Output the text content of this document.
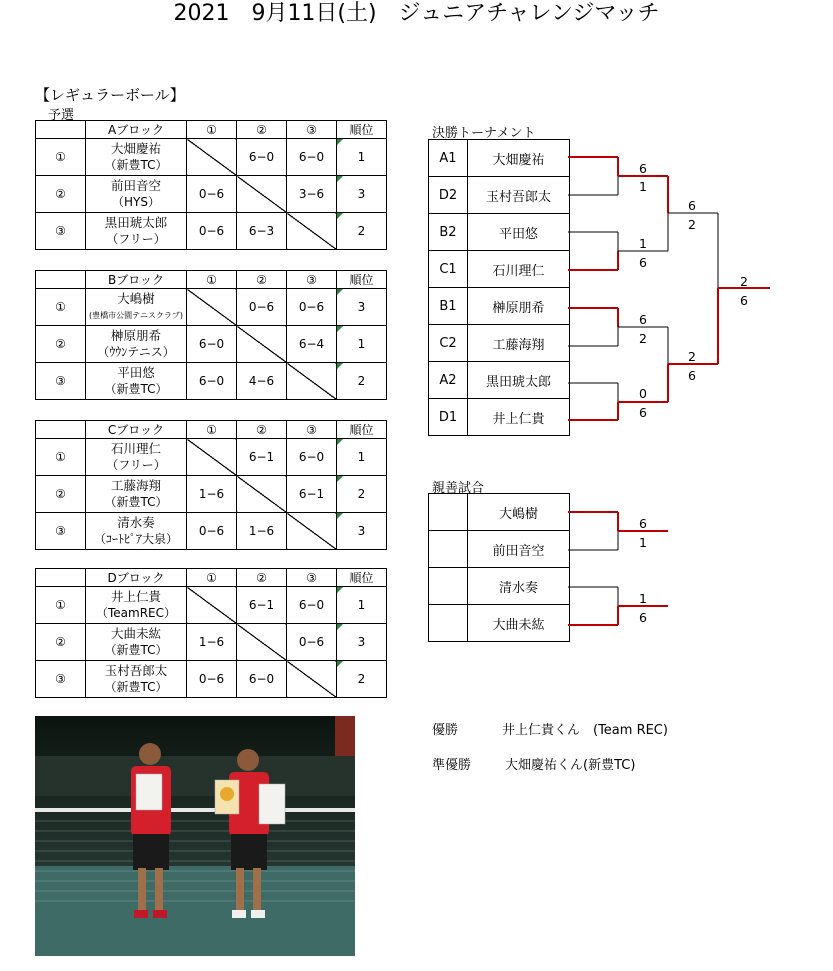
2021　9月11日(土)　ジュニアチャレンジマッチ
【レギュラーボール】
予選
	Aブロック	①	②	③	順位
①	大畑慶祐
（新豊TC）		6−0	6−0	1
②	前田音空
（HYS）	0−6		3−6	3
③	黒田琥太郎
（フリー）	0−6	6−3		2
	Bブロック	①	②	③	順位
①	大嶋樹
(豊橋市公園テニスクラブ)		0−6	0−6	3
②	榊原朋希
（ｳｳﾝテニス）	6−0		6−4	1
③	平田悠
（新豊TC）	6−0	4−6		2
	Cブロック	①	②	③	順位
①	石川理仁
（フリー）		6−1	6−0	1
②	工藤海翔
（新豊TC）	1−6		6−1	2
③	清水奏
（ｺｰﾄﾋﾟｱ大泉）	0−6	1−6		3
	Dブロック	①	②	③	順位
①	井上仁貴
（TeamREC）		6−1	6−0	1
②	大曲未紘
（新豊TC）	1−6		0−6	3
③	玉村吾郎太
（新豊TC）	0−6	6−0		2
決勝トーナメント
A1	大畑慶祐
D2	玉村吾郎太
B2	平田悠
C1	石川理仁
B1	榊原朋希
C2	工藤海翔
A2	黒田琥太郎
D1	井上仁貴
親善試合
	大嶋樹
	前田音空
	清水奏
	大曲未紘
6
1
1
6
6
2
0
6
6
2
2
6
2
6
6
1
1
6
優勝	井上仁貴くん　(Team REC)
準優勝	大畑慶祐くん(新豊TC)
